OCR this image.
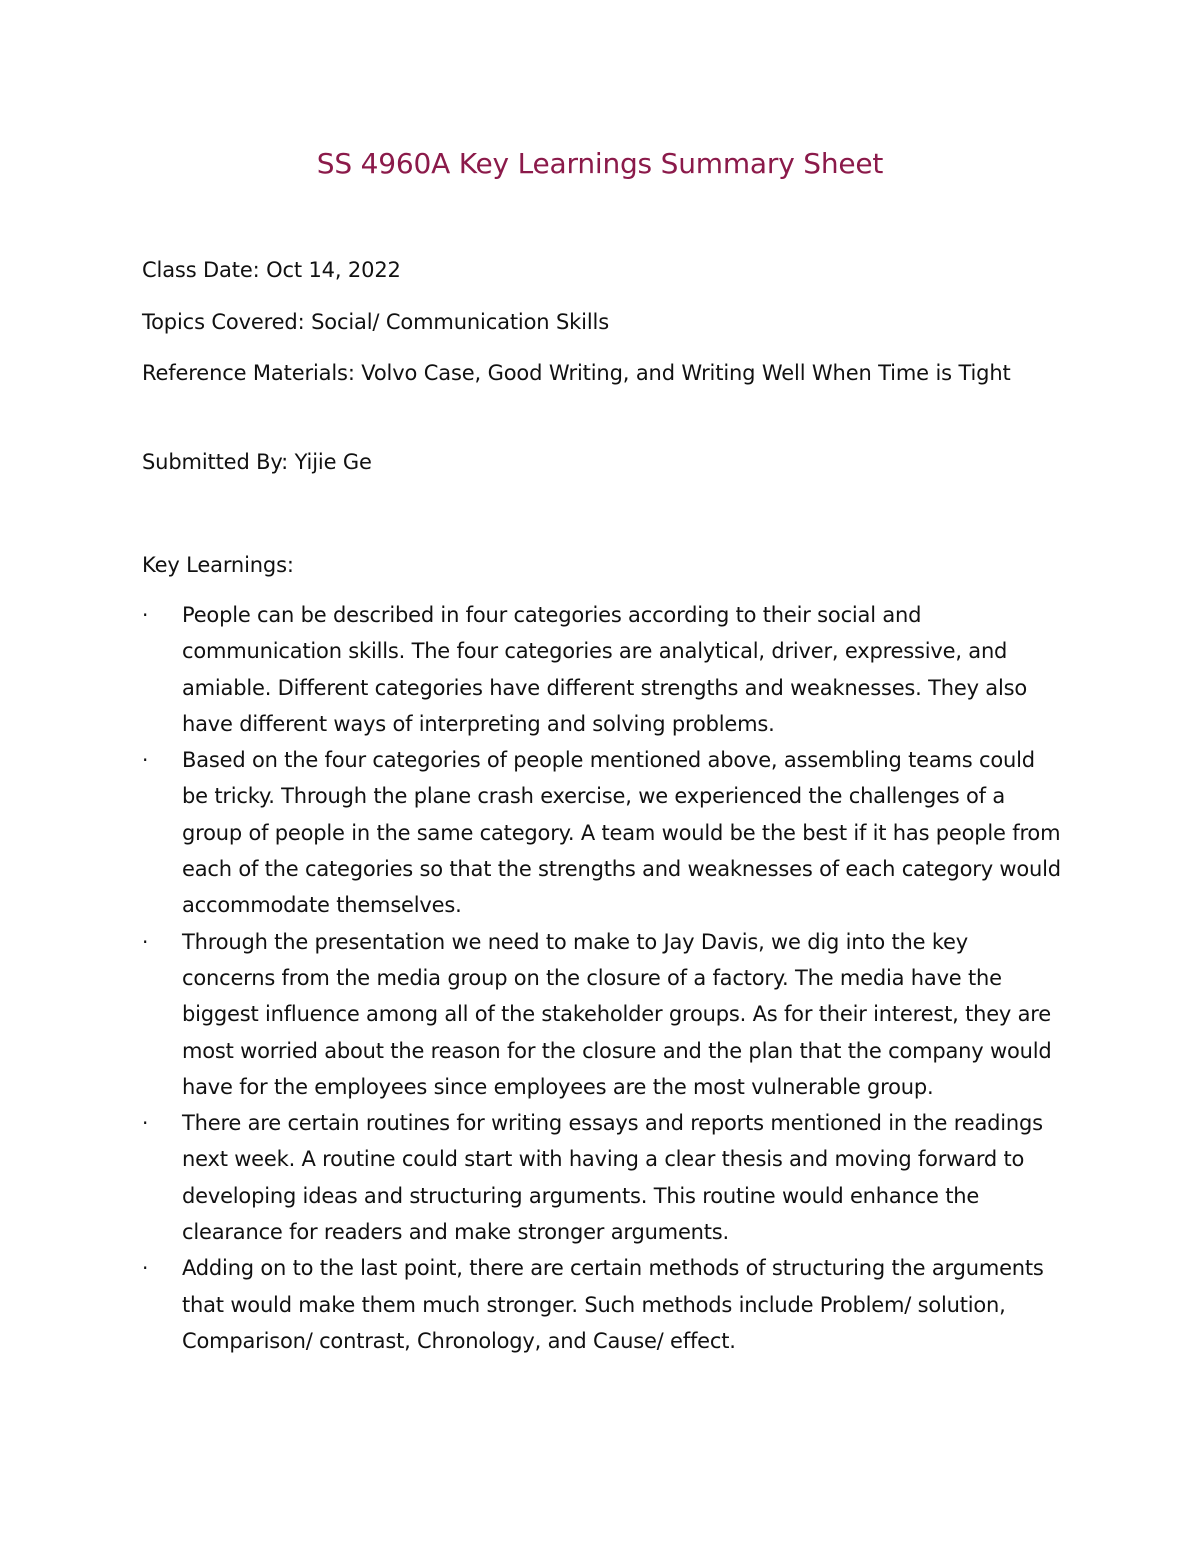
SS 4960A Key Learnings Summary Sheet
Class Date: Oct 14, 2022
Topics Covered: Social/ Communication Skills
Reference Materials: Volvo Case, Good Writing, and Writing Well When Time is Tight
Submitted By: Yijie Ge
Key Learnings:
·	People can be described in four categories according to their social and communication skills. The four categories are analytical, driver, expressive, and amiable. Different categories have different strengths and weaknesses. They also have different ways of interpreting and solving problems.
·	Based on the four categories of people mentioned above, assembling teams could be tricky. Through the plane crash exercise, we experienced the challenges of a group of people in the same category. A team would be the best if it has people from each of the categories so that the strengths and weaknesses of each category would accommodate themselves.
·	Through the presentation we need to make to Jay Davis, we dig into the key concerns from the media group on the closure of a factory. The media have the biggest influence among all of the stakeholder groups. As for their interest, they are most worried about the reason for the closure and the plan that the company would have for the employees since employees are the most vulnerable group.
·	There are certain routines for writing essays and reports mentioned in the readings next week. A routine could start with having a clear thesis and moving forward to developing ideas and structuring arguments. This routine would enhance the clearance for readers and make stronger arguments.
·	Adding on to the last point, there are certain methods of structuring the arguments that would make them much stronger. Such methods include Problem/ solution, Comparison/ contrast, Chronology, and Cause/ effect.
